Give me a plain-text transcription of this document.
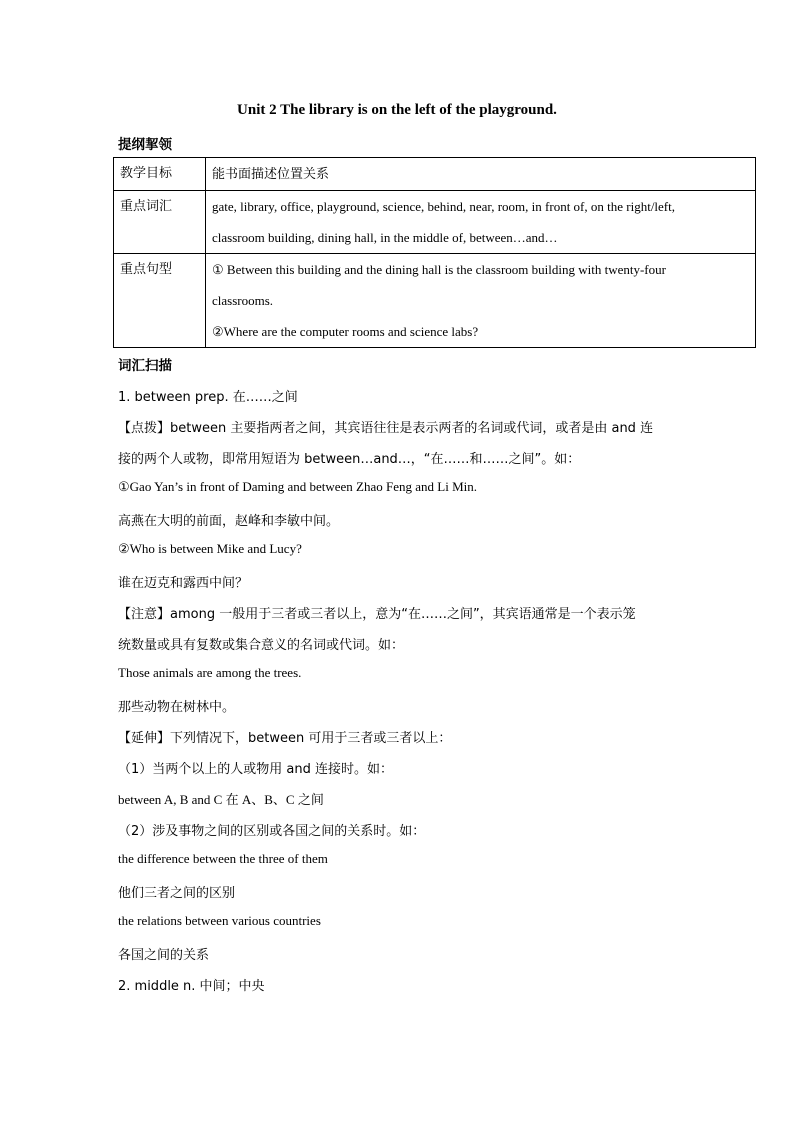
Unit 2 The library is on the left of the playground.
提纲挈领
教学目标	能书面描述位置关系
重点词汇	gate, library, office, playground, science, behind, near, room, in front of, on the right/left,
classroom building, dining hall, in the middle of, between…and…

重点句型	① Between this building and the dining hall is the classroom building with twenty-four
classrooms.
②Where are the computer rooms and science labs?
词汇扫描
1. between prep. 在……之间
【点拨】between 主要指两者之间，其宾语往往是表示两者的名词或代词，或者是由 and 连
接的两个人或物，即常用短语为 between…and…，“在……和……之间”。如：
①Gao Yan’s in front of Daming and between Zhao Feng and Li Min.
高燕在大明的前面，赵峰和李敏中间。
②Who is between Mike and Lucy?
谁在迈克和露西中间？
【注意】among 一般用于三者或三者以上，意为“在……之间”，其宾语通常是一个表示笼
统数量或具有复数或集合意义的名词或代词。如：
Those animals are among the trees.
那些动物在树林中。
【延伸】下列情况下，between 可用于三者或三者以上：
（1）当两个以上的人或物用 and 连接时。如：
between A, B and C 在 A、B、C 之间
（2）涉及事物之间的区别或各国之间的关系时。如：
the difference between the three of them
他们三者之间的区别
the relations between various countries
各国之间的关系
2. middle n. 中间；中央
